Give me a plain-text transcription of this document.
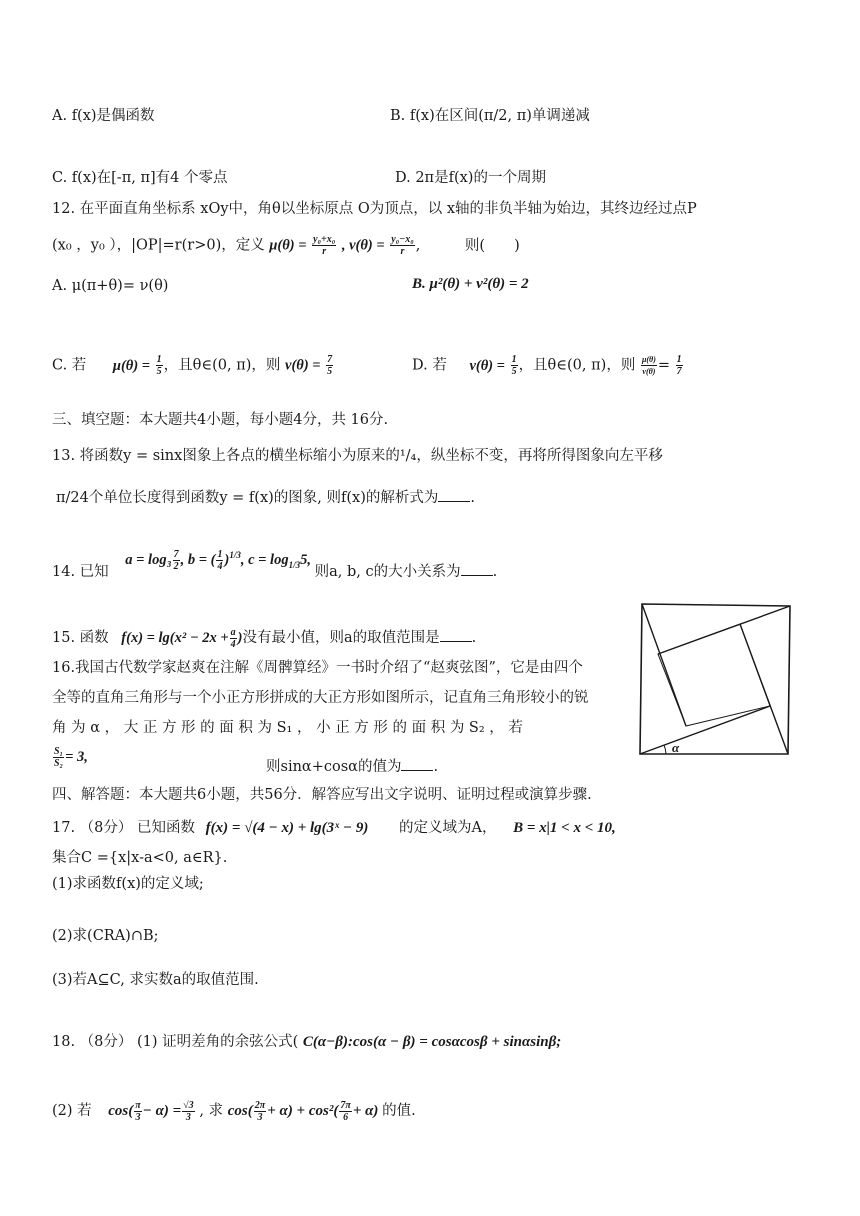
A. f(x)是偶函数	B. f(x)在区间(π/2, π)单调递减
C. f(x)在[-π, π]有4 个零点	D. 2π是f(x)的一个周期
12. 在平面直角坐标系 xOy中，角θ以坐标原点 O为顶点，以 x轴的非负半轴为始边，其终边经过点P
(x₀ ，y₀ ），|OP|=r(r>0)，定义 $\mu(\theta) = \frac{\text{y₀+x₀}}{r}$ , $\nu(\theta) = \frac{\text{y₀−x₀}}{r}$ ,	则(　　)
A. μ(π+θ)= ν(θ)	B. μ²(θ) + ν²(θ) = 2
C. 若 $\mu(\theta) = \frac{1}{5}$ ，且θ∈(0, π)，则 $\nu(\theta) = \frac{7}{5}$	D. 若 $\nu(\theta) = \frac{1}{5}$ ，且θ∈(0, π)，则 $\frac{\mu(\theta)}{\nu(\theta)} = \frac{1}{7}$
三、填空题：本大题共4小题，每小题4分，共 16分.
13. 将函数y = sinx图象上各点的横坐标缩小为原来的¹/₄，纵坐标不变，再将所得图象向左平移
π/24个单位长度得到函数y = f(x)的图象, 则f(x)的解析式为 .
14. 已知 $a = \log_3 \frac{7}{2}$ , b = ( $\frac{1}{4} )^{1/3}$, $c = \log_{1/3}5$, 则a, b, c的大小关系为 .
15. 函数 $f(x) = \lg(x^2 - 2x + \frac{a}{4}$ )没有最小值，则a的取值范围是 .
16.我国古代数学家赵爽在注解《周髀算经》一书时介绍了“赵爽弦图”，它是由四个
全等的直角三角形与一个小正方形拼成的大正方形如图所示，记直角三角形较小的锐
角 为 α ， 大 正 方 形 的 面 积 为 S₁ ， 小 正 方 形 的 面 积 为 S₂ ， 若
$\frac{\text{S₁}}{\text{S₂}} = 3$,
则sinα+cosα的值为 .
α
四、解答题：本大题共6小题，共56分．解答应写出文字说明、证明过程或演算步骤.
17. （8分） 已知函数 f(x) = √(4 − x) + lg(3ˣ − 9) 的定义域为A， B = x|1 < x < 10,
集合C ={x|x-a<0, a∈R}.
(1)求函数f(x)的定义域;
(2)求(CRA)∩B;
(3)若A⊆C, 求实数a的取值范围.
18. （8分） (1) 证明差角的余弦公式( C(α−β):cos(α − β) = cosαcosβ + sinαsinβ;
(2) 若 $\cos( \frac{\pi}{3} - \alpha) = \frac{√3}{3}$ , 求 $\cos( \frac{2\pi}{3} + \alpha) + \cos^2( \frac{7\pi}{6} + \alpha)$ 的值.
